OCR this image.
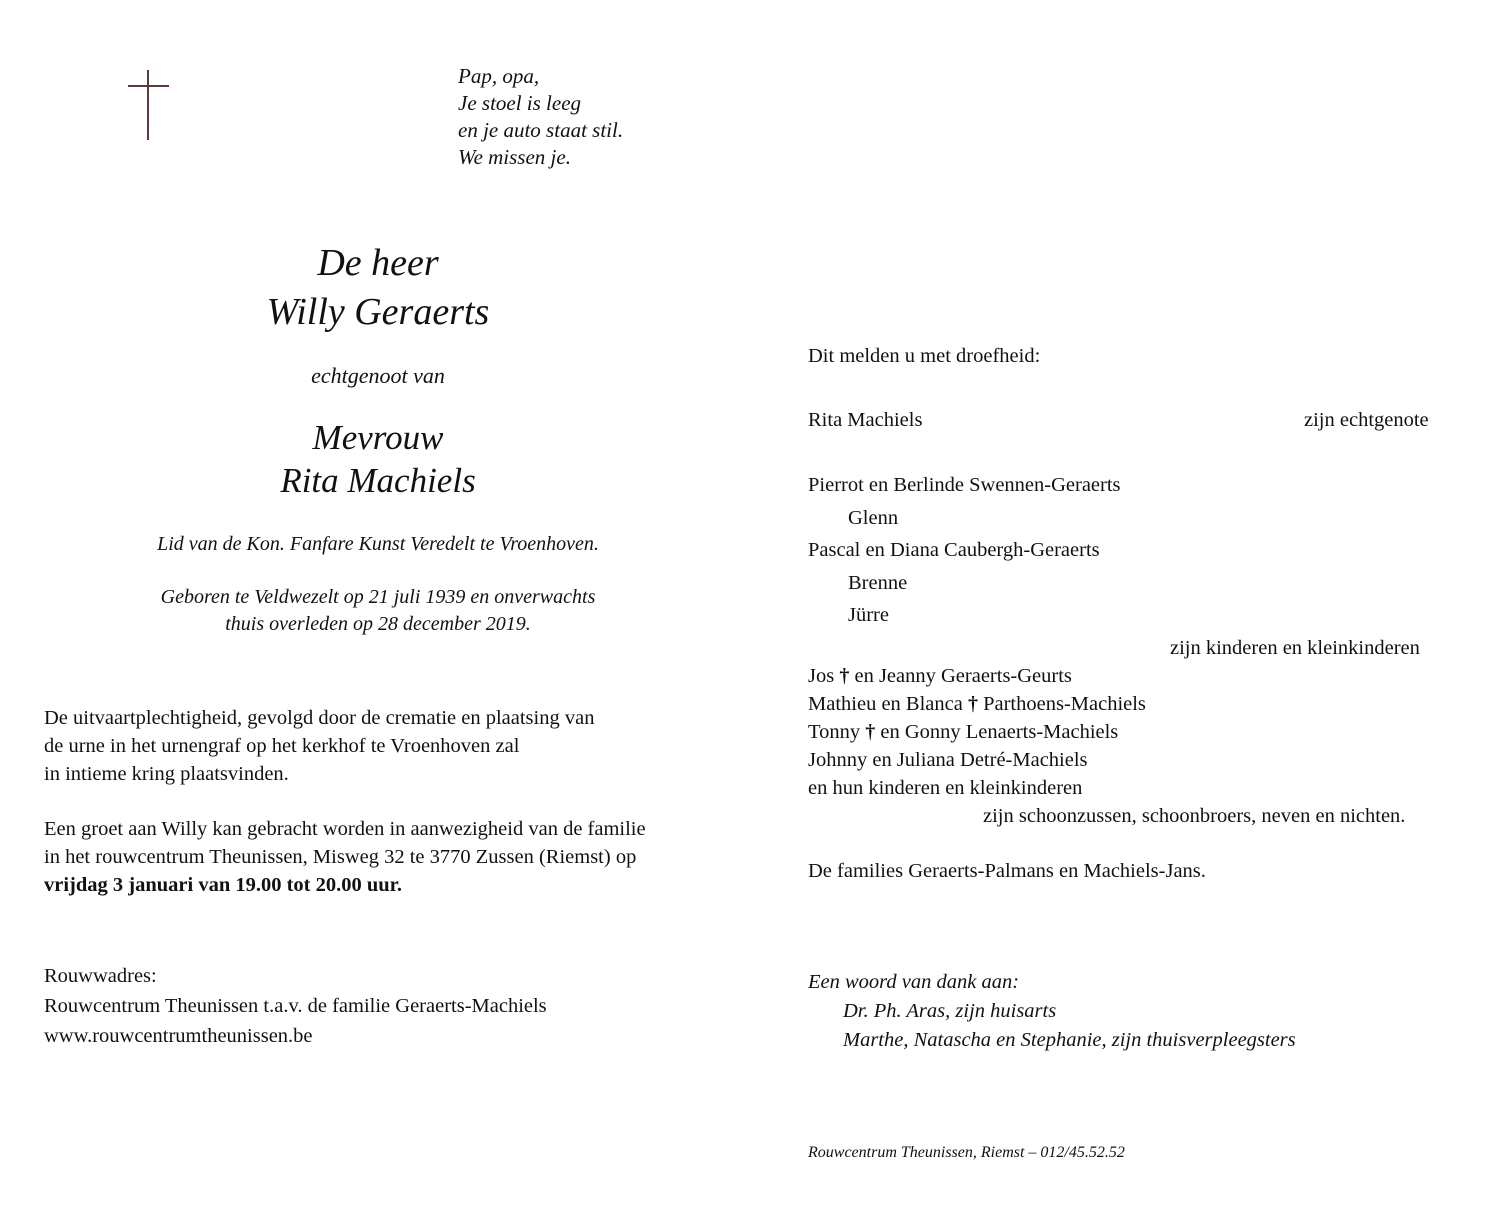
Pap, opa,
Je stoel is leeg
en je auto staat stil.
We missen je.
De heer
Willy Geraerts
echtgenoot van
Mevrouw
Rita Machiels
Lid van de Kon. Fanfare Kunst Veredelt te Vroenhoven.
Geboren te Veldwezelt op 21 juli 1939 en onverwachts
thuis overleden op 28 december 2019.
De uitvaartplechtigheid, gevolgd door de crematie en plaatsing van
de urne in het urnengraf op het kerkhof te Vroenhoven zal
in intieme kring plaatsvinden.
Een groet aan Willy kan gebracht worden in aanwezigheid van de familie
in het rouwcentrum Theunissen, Misweg 32 te 3770 Zussen (Riemst) op
vrijdag 3 januari van 19.00 tot 20.00 uur.
Rouwwadres:
Rouwcentrum Theunissen t.a.v. de familie Geraerts-Machiels
www.rouwcentrumtheunissen.be
Dit melden u met droefheid:
Rita Machiels	zijn echtgenote
Pierrot en Berlinde Swennen-Geraerts
Glenn
Pascal en Diana Caubergh-Geraerts
Brenne
Jürre
zijn kinderen en kleinkinderen
Jos † en Jeanny Geraerts-Geurts
Mathieu en Blanca † Parthoens-Machiels
Tonny † en Gonny Lenaerts-Machiels
Johnny en Juliana Detré-Machiels
en hun kinderen en kleinkinderen
zijn schoonzussen, schoonbroers, neven en nichten.
De families Geraerts-Palmans en Machiels-Jans.
Een woord van dank aan:
Dr. Ph. Aras, zijn huisarts
Marthe, Natascha en Stephanie, zijn thuisverpleegsters
Rouwcentrum Theunissen, Riemst – 012/45.52.52
